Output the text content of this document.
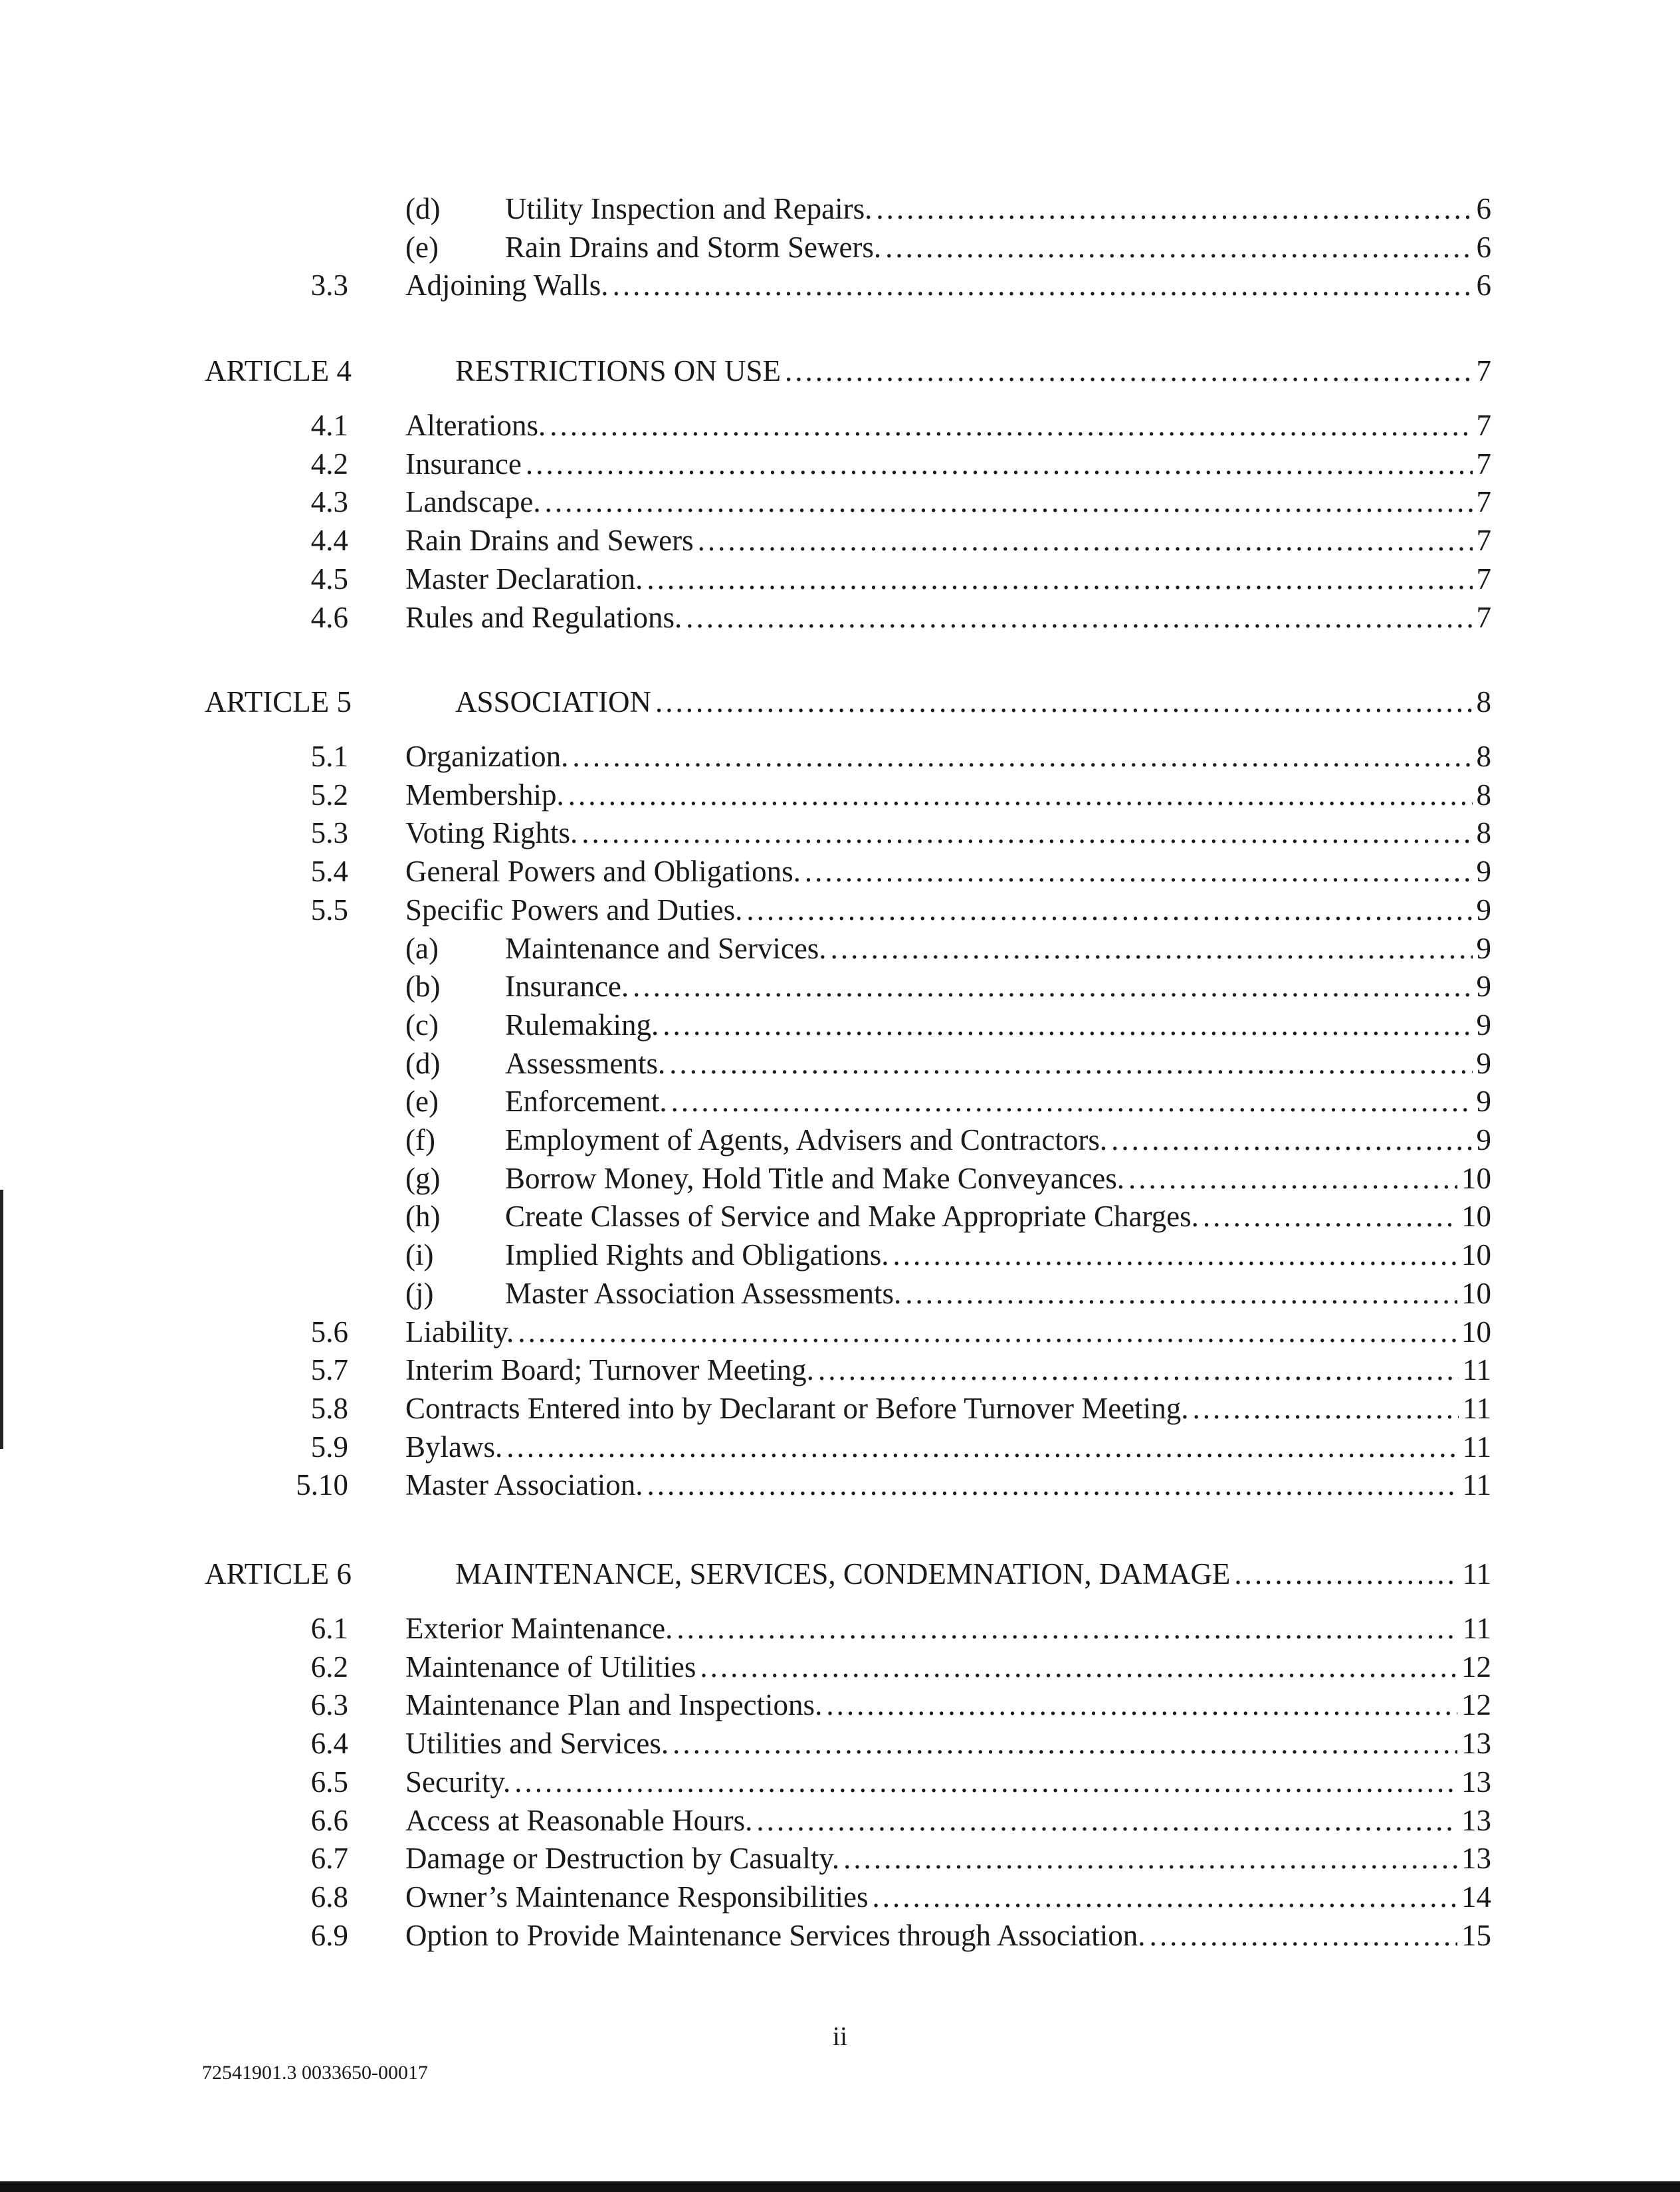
(d) Utility Inspection and Repairs. .....	6
(e) Rain Drains and Storm Sewers. .....	6
3.3 Adjoining Walls. .....	6
ARTICLE 4	RESTRICTIONS ON USE .....	7
4.1 Alterations. .....	7
4.2 Insurance .....	7
4.3 Landscape. .....	7
4.4 Rain Drains and Sewers .....	7
4.5 Master Declaration. .....	7
4.6 Rules and Regulations. .....	7
ARTICLE 5	ASSOCIATION .....	8
5.1 Organization. .....	8
5.2 Membership. .....	8
5.3 Voting Rights. .....	8
5.4 General Powers and Obligations. .....	9
5.5 Specific Powers and Duties. .....	9
(a) Maintenance and Services. .....	9
(b) Insurance. .....	9
(c) Rulemaking. .....	9
(d) Assessments. .....	9
(e) Enforcement. .....	9
(f) Employment of Agents, Advisers and Contractors. .....	9
(g) Borrow Money, Hold Title and Make Conveyances. .....	10
(h) Create Classes of Service and Make Appropriate Charges. .....	10
(i) Implied Rights and Obligations. .....	10
(j) Master Association Assessments. .....	10
5.6 Liability. .....	10
5.7 Interim Board; Turnover Meeting. .....	11
5.8 Contracts Entered into by Declarant or Before Turnover Meeting. .....	11
5.9 Bylaws. .....	11
5.10 Master Association. .....	11
ARTICLE 6	MAINTENANCE, SERVICES, CONDEMNATION, DAMAGE .....	11
6.1 Exterior Maintenance. .....	11
6.2 Maintenance of Utilities .....	12
6.3 Maintenance Plan and Inspections. .....	12
6.4 Utilities and Services. .....	13
6.5 Security. .....	13
6.6 Access at Reasonable Hours. .....	13
6.7 Damage or Destruction by Casualty. .....	13
6.8 Owner’s Maintenance Responsibilities .....	14
6.9 Option to Provide Maintenance Services through Association. .....	15
ii
72541901.3 0033650-00017
